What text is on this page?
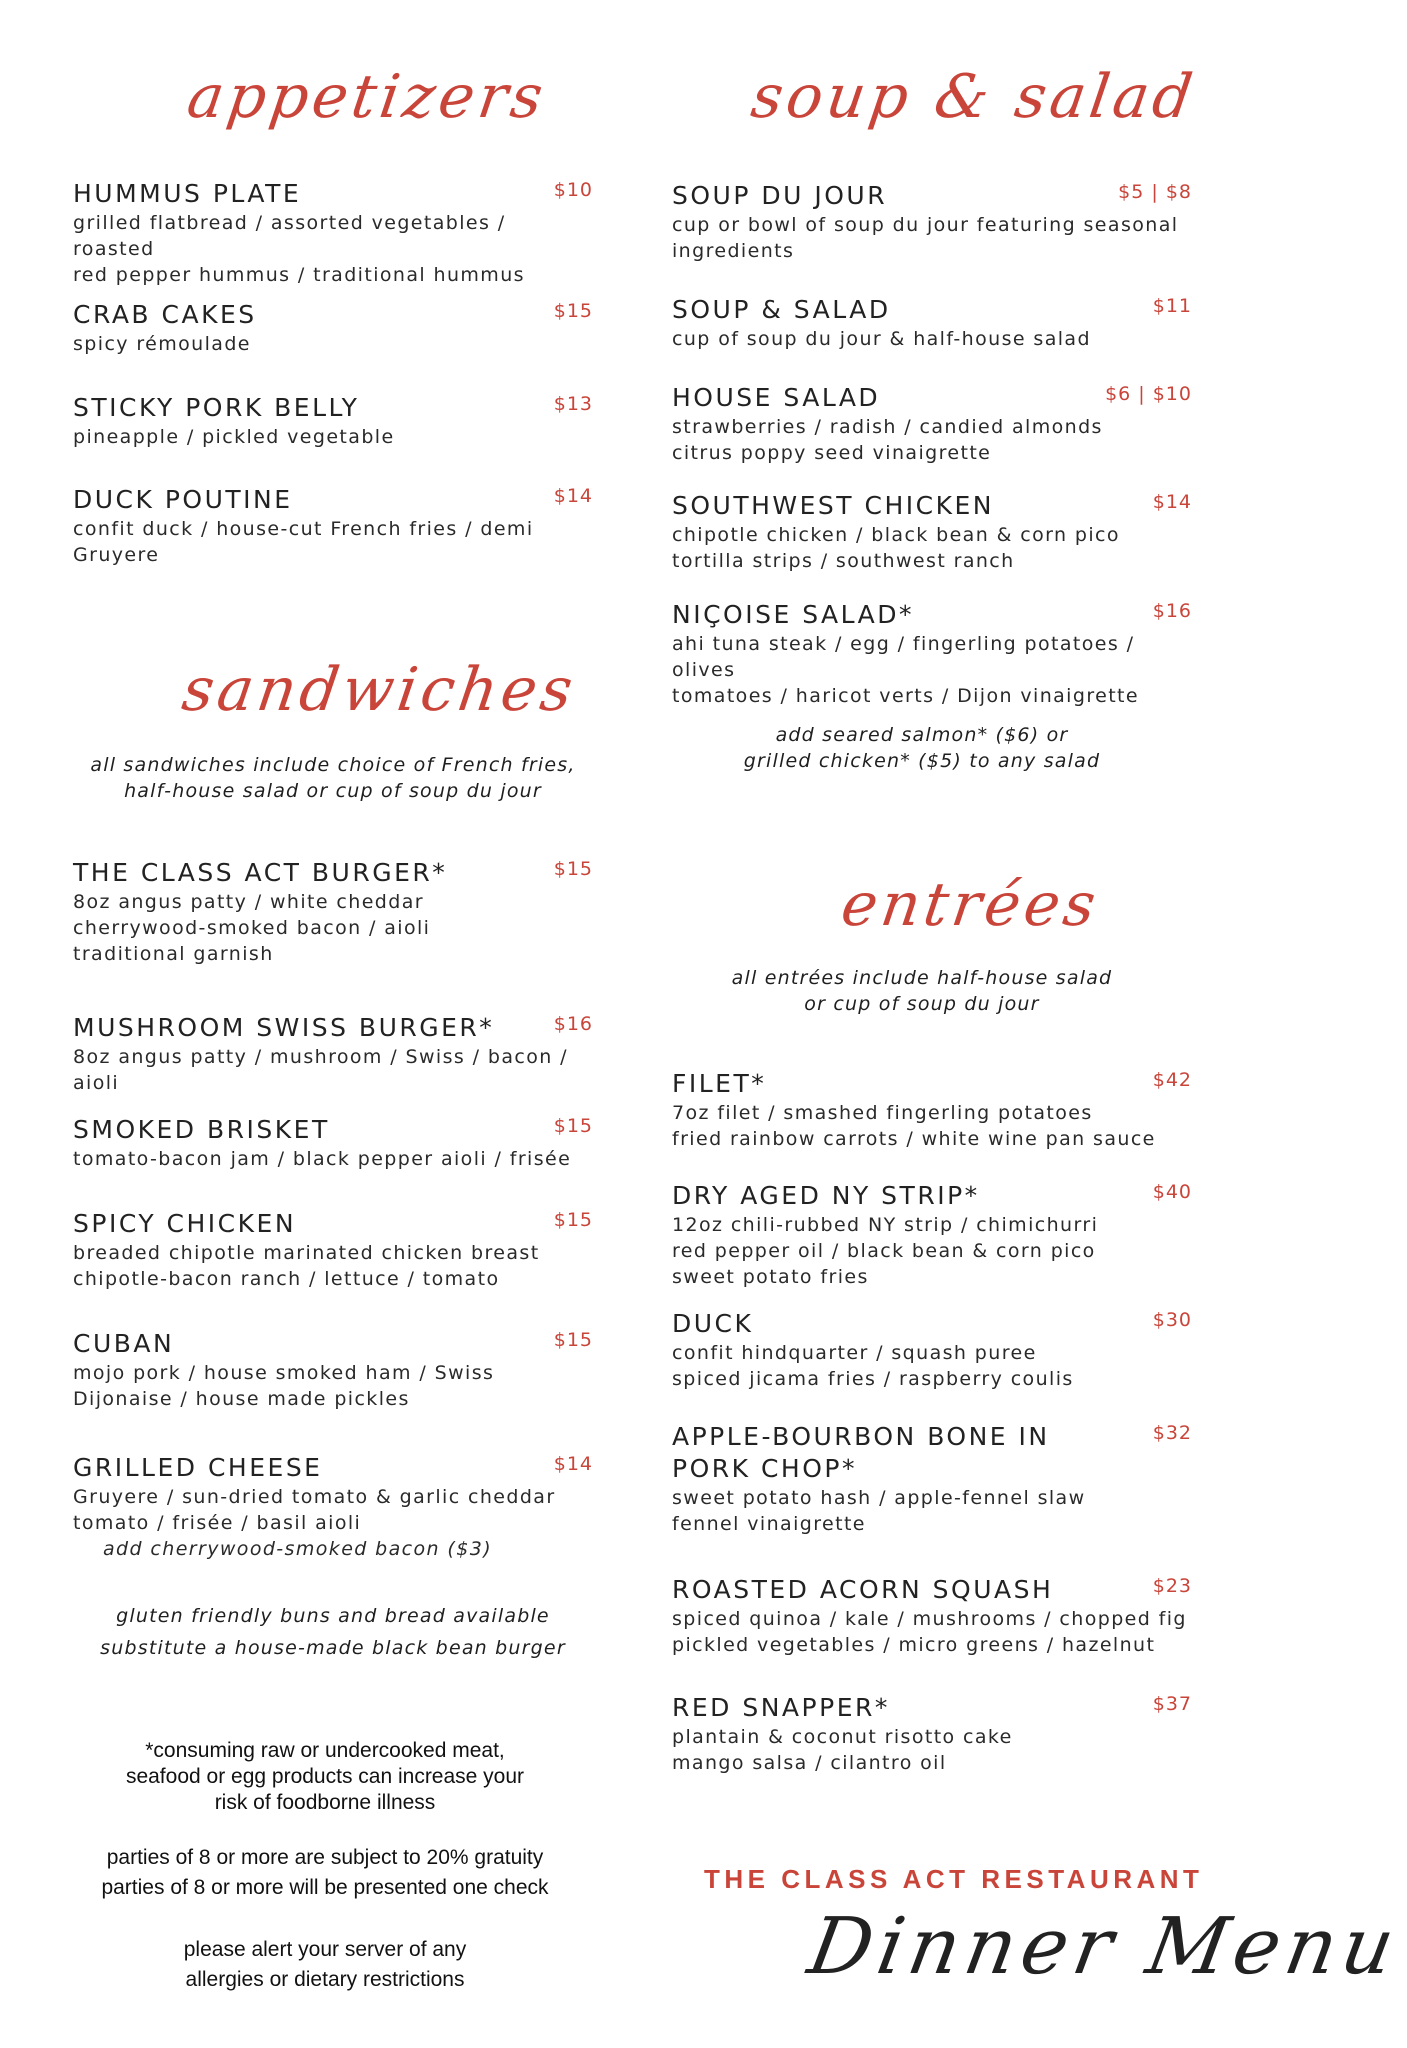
appetizers
HUMMUS PLATE	$10
grilled flatbread / assorted vegetables / roasted
red pepper hummus / traditional hummus
CRAB CAKES	$15
spicy rémoulade
STICKY PORK BELLY	$13
pineapple / pickled vegetable
DUCK POUTINE	$14
confit duck / house-cut French fries / demi
Gruyere
sandwiches
all sandwiches include choice of French fries,
half-house salad or cup of soup du jour
THE CLASS ACT BURGER*	$15
8oz angus patty / white cheddar
cherrywood-smoked bacon / aioli
traditional garnish
MUSHROOM SWISS BURGER*	$16
8oz angus patty / mushroom / Swiss / bacon / aioli
SMOKED BRISKET	$15
tomato-bacon jam / black pepper aioli / frisée
SPICY CHICKEN	$15
breaded chipotle marinated chicken breast
chipotle-bacon ranch / lettuce / tomato
CUBAN	$15
mojo pork / house smoked ham / Swiss
Dijonaise / house made pickles
GRILLED CHEESE	$14
Gruyere / sun-dried tomato & garlic cheddar
tomato / frisée / basil aioli
add cherrywood-smoked bacon ($3)
gluten friendly buns and bread available
substitute a house-made black bean burger
*consuming raw or undercooked meat,
seafood or egg products can increase your
risk of foodborne illness
parties of 8 or more are subject to 20% gratuity
parties of 8 or more will be presented one check
please alert your server of any
allergies or dietary restrictions
soup & salad
SOUP DU JOUR	$5 | $8
cup or bowl of soup du jour featuring seasonal
ingredients
SOUP & SALAD	$11
cup of soup du jour & half-house salad
HOUSE SALAD	$6 | $10
strawberries / radish / candied almonds
citrus poppy seed vinaigrette
SOUTHWEST CHICKEN	$14
chipotle chicken / black bean & corn pico
tortilla strips / southwest ranch
NIÇOISE SALAD*	$16
ahi tuna steak / egg / fingerling potatoes / olives
tomatoes / haricot verts / Dijon vinaigrette
add seared salmon* ($6) or
grilled chicken* ($5) to any salad
entrées
all entrées include half-house salad
or cup of soup du jour
FILET*	$42
7oz filet / smashed fingerling potatoes
fried rainbow carrots / white wine pan sauce
DRY AGED NY STRIP*	$40
12oz chili-rubbed NY strip / chimichurri
red pepper oil / black bean & corn pico
sweet potato fries
DUCK	$30
confit hindquarter / squash puree
spiced jicama fries / raspberry coulis
APPLE-BOURBON BONE IN
PORK CHOP*
$32
sweet potato hash / apple-fennel slaw
fennel vinaigrette
ROASTED ACORN SQUASH	$23
spiced quinoa / kale / mushrooms / chopped fig
pickled vegetables / micro greens / hazelnut
RED SNAPPER*	$37
plantain & coconut risotto cake
mango salsa / cilantro oil
THE CLASS ACT RESTAURANT
Dinner Menu
